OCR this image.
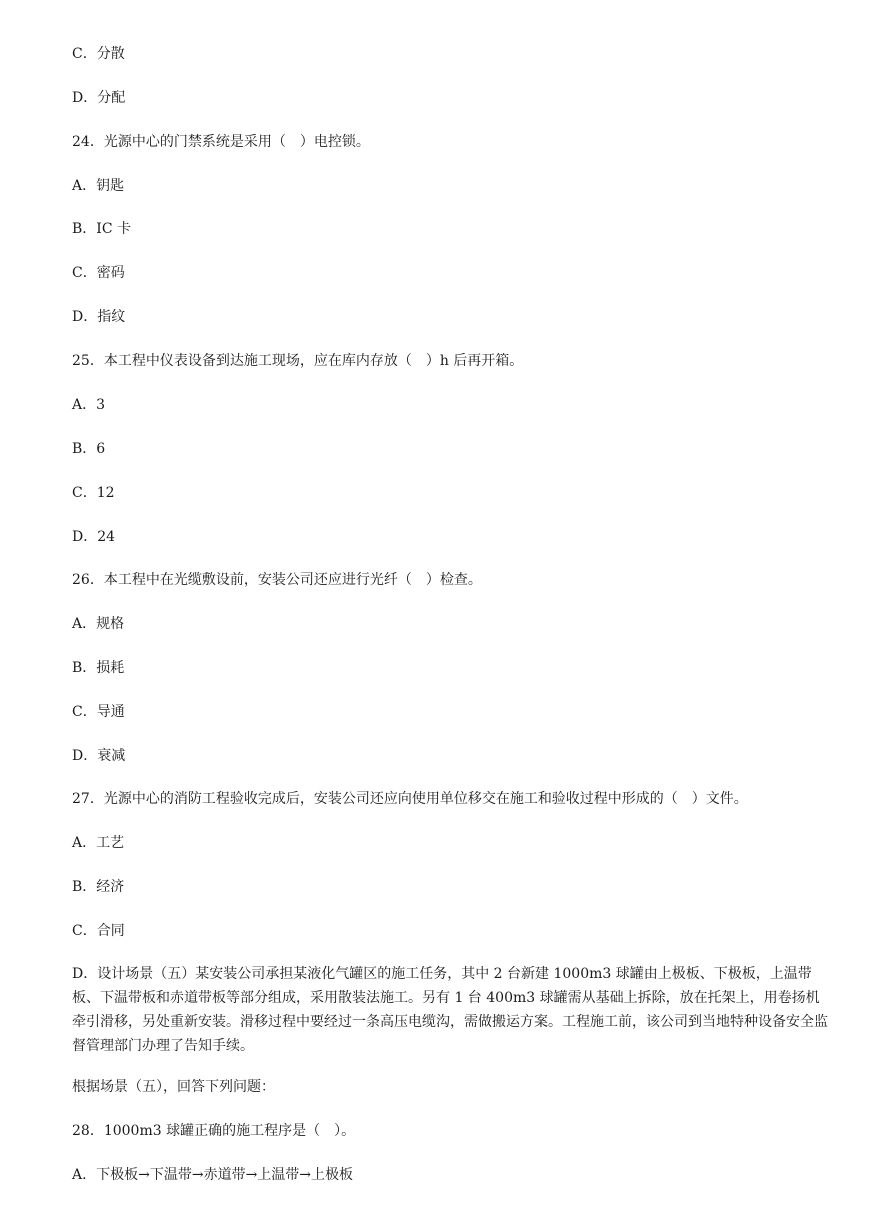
C．分散
D．分配
24．光源中心的门禁系统是采用（　）电控锁。
A．钥匙
B．IC 卡
C．密码
D．指纹
25．本工程中仪表设备到达施工现场，应在库内存放（　）h 后再开箱。
A．3
B．6
C．12
D．24
26．本工程中在光缆敷设前，安装公司还应进行光纤（　）检查。
A．规格
B．损耗
C．导通
D．衰减
27．光源中心的消防工程验收完成后，安装公司还应向使用单位移交在施工和验收过程中形成的（　）文件。
A．工艺
B．经济
C．合同
D．设计场景（五）某安装公司承担某液化气罐区的施工任务，其中 2 台新建 1000m3 球罐由上极板、下极板，上温带板、下温带板和赤道带板等部分组成，采用散装法施工。另有 1 台 400m3 球罐需从基础上拆除，放在托架上，用卷扬机牵引滑移，另处重新安装。滑移过程中要经过一条高压电缆沟，需做搬运方案。工程施工前，该公司到当地特种设备安全监督管理部门办理了告知手续。
根据场景（五），回答下列问题：
28．1000m3 球罐正确的施工程序是（　）。
A．下极板→下温带→赤道带→上温带→上极板
